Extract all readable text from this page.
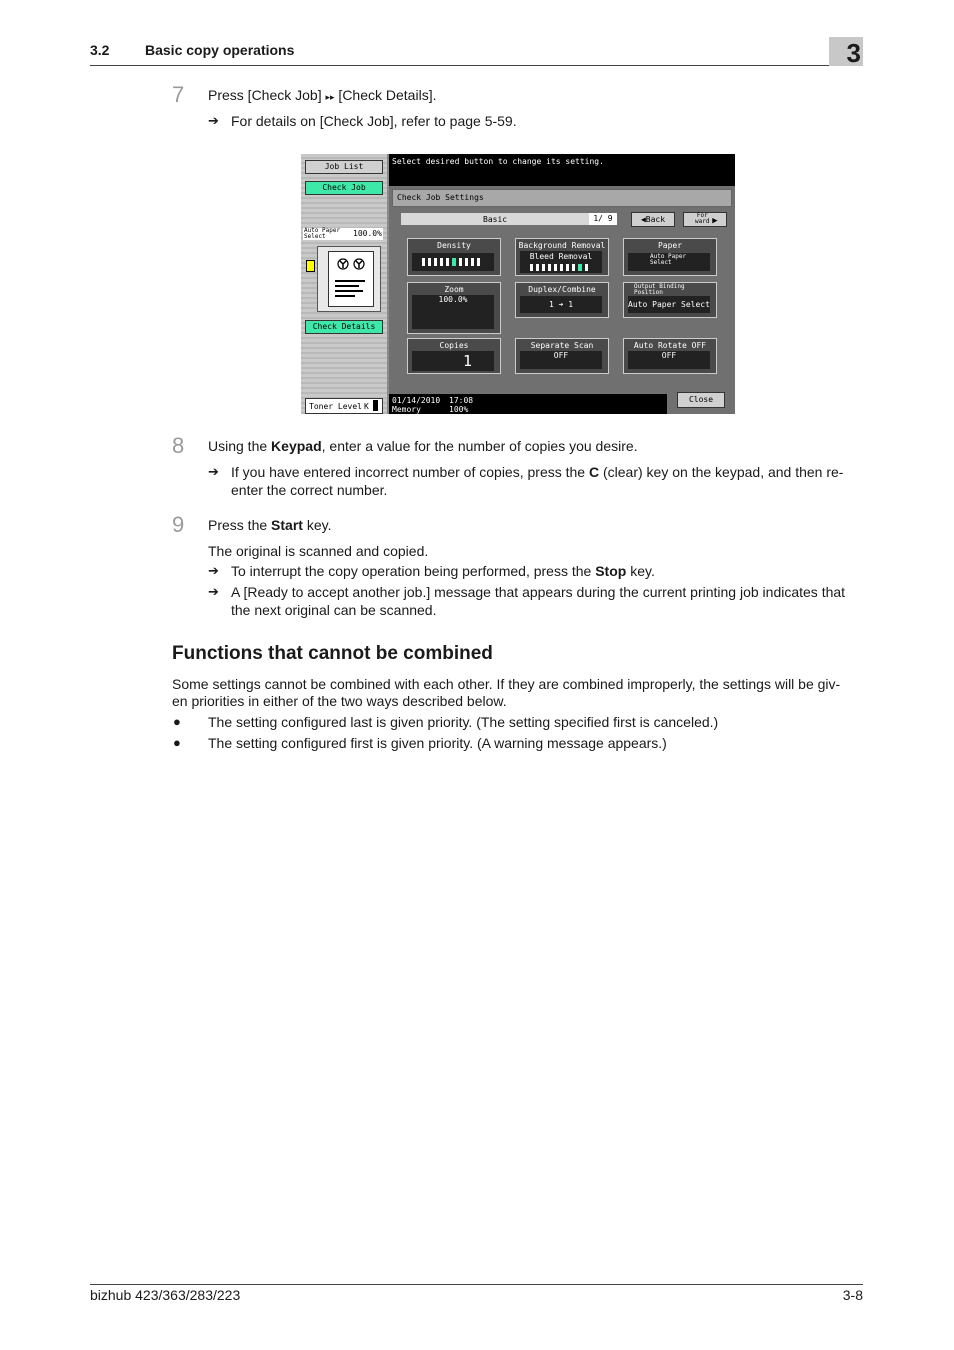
3.2	Basic copy operations	3
7 Press [Check Job] ▸▸ [Check Details].
➔ For details on [Check Job], refer to page 5-59.
Job List
Check Job
Auto Paper Select	100.0%
Check Details
Toner Level K
Select desired button to change its setting.
Check Job Settings
Basic	1/ 9	◀Back	For ward ▶
Density	Background Removal
Bleed Removal
Paper
Auto Paper Select
Zoom
100.0%
Duplex/Combine
1 ➔ 1
Output Binding Position
Auto Paper Select
Copies
1
Separate Scan
OFF
Auto Rotate OFF
OFF
01/14/2010 17:08
Memory	100%
Close
8 Using the Keypad, enter a value for the number of copies you desire.
➔ If you have entered incorrect number of copies, press the C (clear) key on the keypad, and then re-
enter the correct number.
9 Press the Start key.
The original is scanned and copied.
➔ To interrupt the copy operation being performed, press the Stop key.
➔ A [Ready to accept another job.] message that appears during the current printing job indicates that
the next original can be scanned.
Functions that cannot be combined
Some settings cannot be combined with each other. If they are combined improperly, the settings will be giv-
en priorities in either of the two ways described below.
● The setting configured last is given priority. (The setting specified first is canceled.)
● The setting configured first is given priority. (A warning message appears.)
bizhub 423/363/283/223	3-8
